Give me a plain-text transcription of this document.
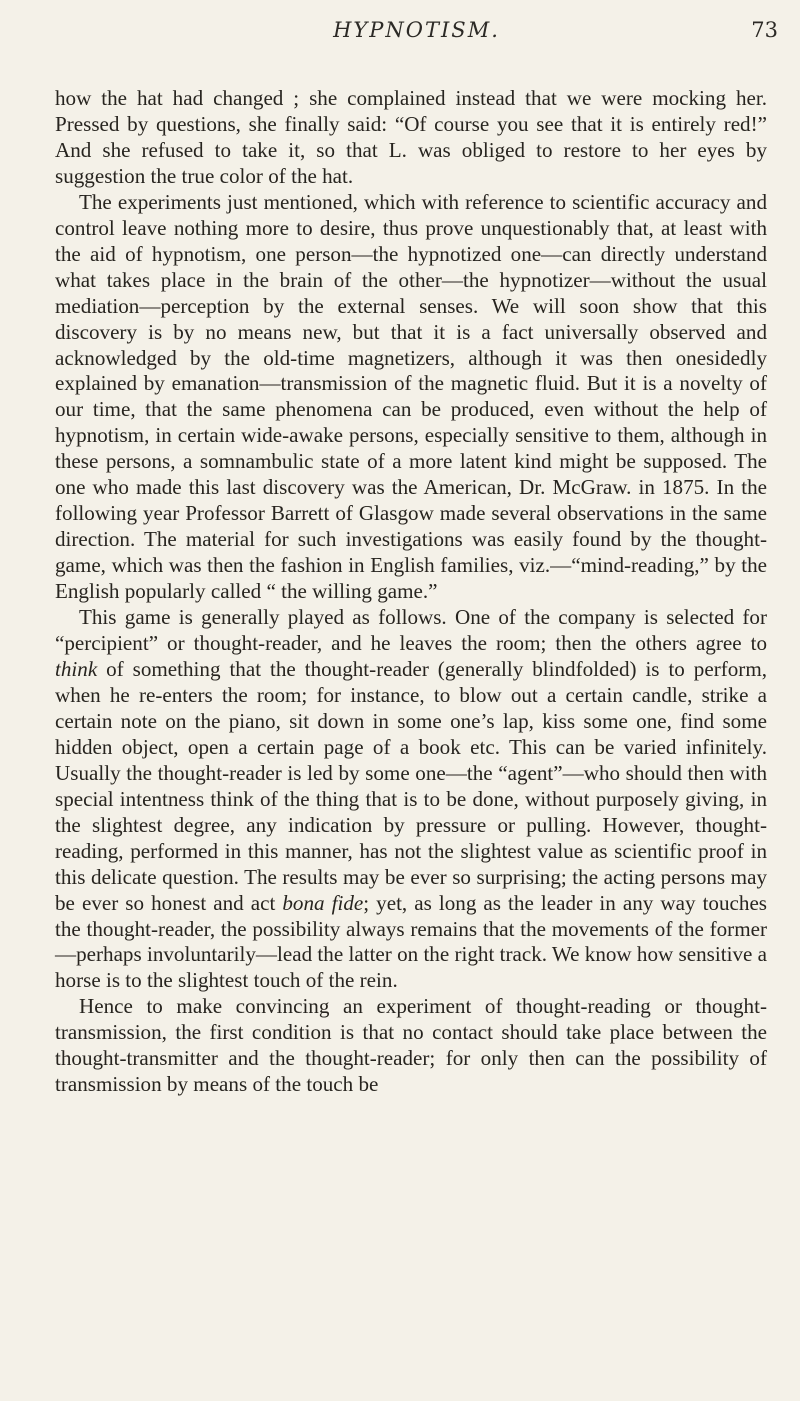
HYPNOTISM.	73

how the hat had changed ; she complained instead that we were mocking her. Pressed by questions, she finally said: “Of course you see that it is entirely red!” And she refused to take it, so that L. was obliged to restore to her eyes by suggestion the true color of the hat.

The experiments just mentioned, which with reference to scientific accuracy and control leave nothing more to desire, thus prove unquestionably that, at least with the aid of hypnotism, one person—the hypnotized one—can directly understand what takes place in the brain of the other—the hypnotizer—without the usual mediation—perception by the external senses. We will soon show that this discovery is by no means new, but that it is a fact universally observed and acknowledged by the old-time magnetizers, although it was then onesidedly explained by emanation—transmission of the magnetic fluid. But it is a novelty of our time, that the same phenomena can be produced, even without the help of hypnotism, in certain wide-awake persons, especially sensitive to them, although in these persons, a somnambulic state of a more latent kind might be supposed. The one who made this last discovery was the American, Dr. McGraw. in 1875. In the following year Professor Barrett of Glasgow made several observations in the same direction. The material for such investigations was easily found by the thought-game, which was then the fashion in English families, viz.—“mind-reading,” by the English popularly called “ the willing game.”

This game is generally played as follows. One of the company is selected for “percipient” or thought-reader, and he leaves the room; then the others agree to think of something that the thought-reader (generally blindfolded) is to perform, when he re-enters the room; for instance, to blow out a certain candle, strike a certain note on the piano, sit down in some one’s lap, kiss some one, find some hidden object, open a certain page of a book etc. This can be varied infinitely. Usually the thought-reader is led by some one—the “agent”—who should then with special intentness think of the thing that is to be done, without purposely giving, in the slightest degree, any indication by pressure or pulling. However, thought-reading, performed in this manner, has not the slightest value as scientific proof in this delicate question. The results may be ever so surprising; the acting persons may be ever so honest and act bona fide; yet, as long as the leader in any way touches the thought-reader, the possibility always remains that the movements of the former—perhaps involuntarily—lead the latter on the right track. We know how sensitive a horse is to the slightest touch of the rein.

Hence to make convincing an experiment of thought-reading or thought-transmission, the first condition is that no contact should take place between the thought-transmitter and the thought-reader; for only then can the possibility of transmission by means of the touch be
